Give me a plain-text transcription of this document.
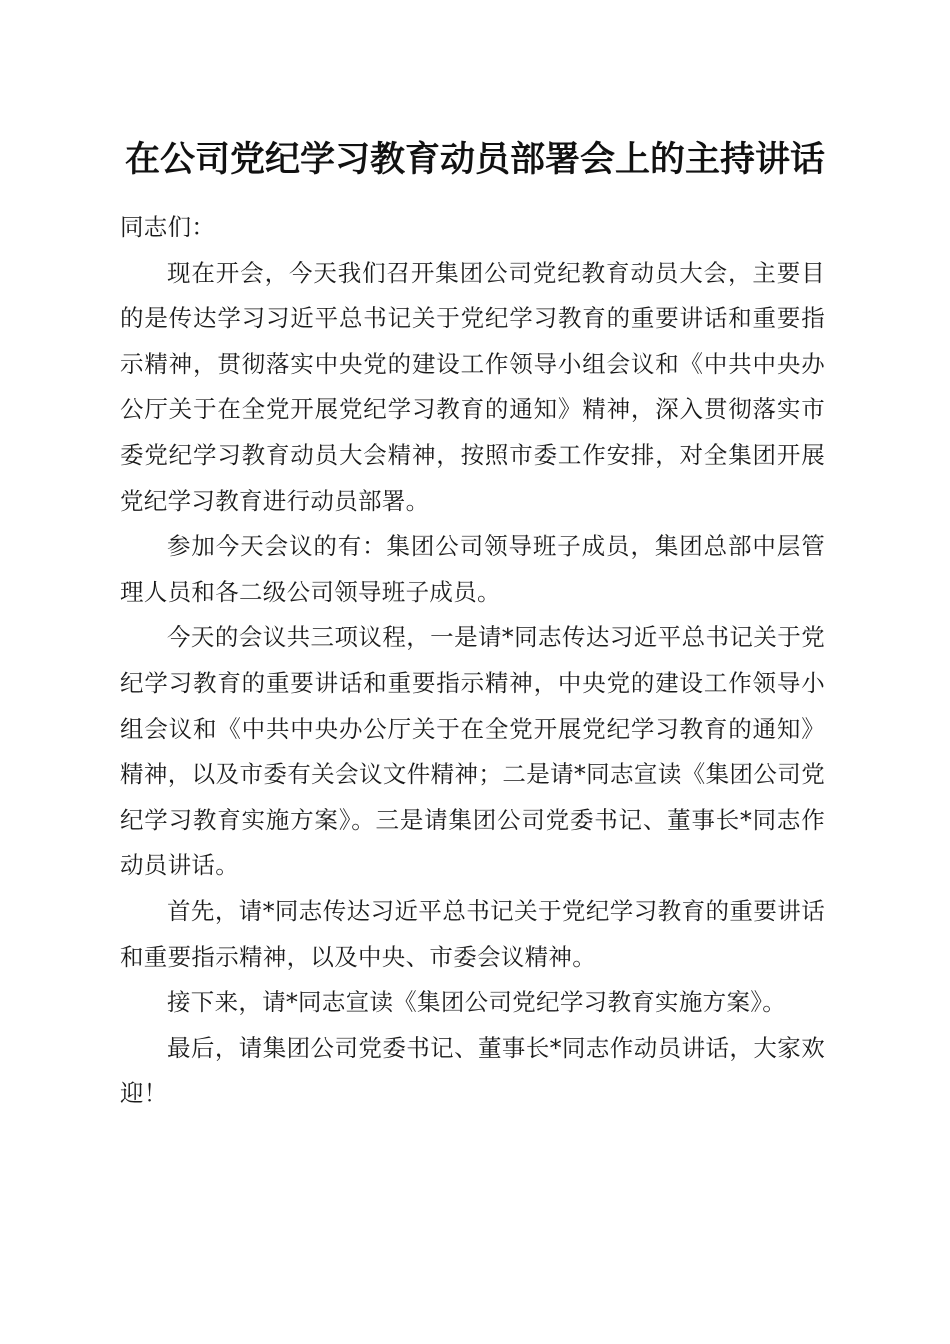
在公司党纪学习教育动员部署会上的主持讲话

同志们：

现在开会，今天我们召开集团公司党纪教育动员大会，主要目的是传达学习习近平总书记关于党纪学习教育的重要讲话和重要指示精神，贯彻落实中央党的建设工作领导小组会议和《中共中央办公厅关于在全党开展党纪学习教育的通知》精神，深入贯彻落实市委党纪学习教育动员大会精神，按照市委工作安排，对全集团开展党纪学习教育进行动员部署。

参加今天会议的有：集团公司领导班子成员，集团总部中层管理人员和各二级公司领导班子成员。

今天的会议共三项议程，一是请*同志传达习近平总书记关于党纪学习教育的重要讲话和重要指示精神，中央党的建设工作领导小组会议和《中共中央办公厅关于在全党开展党纪学习教育的通知》精神，以及市委有关会议文件精神；二是请*同志宣读《集团公司党纪学习教育实施方案》。三是请集团公司党委书记、董事长*同志作动员讲话。

首先，请*同志传达习近平总书记关于党纪学习教育的重要讲话和重要指示精神，以及中央、市委会议精神。

接下来，请*同志宣读《集团公司党纪学习教育实施方案》。

最后，请集团公司党委书记、董事长*同志作动员讲话，大家欢迎！
